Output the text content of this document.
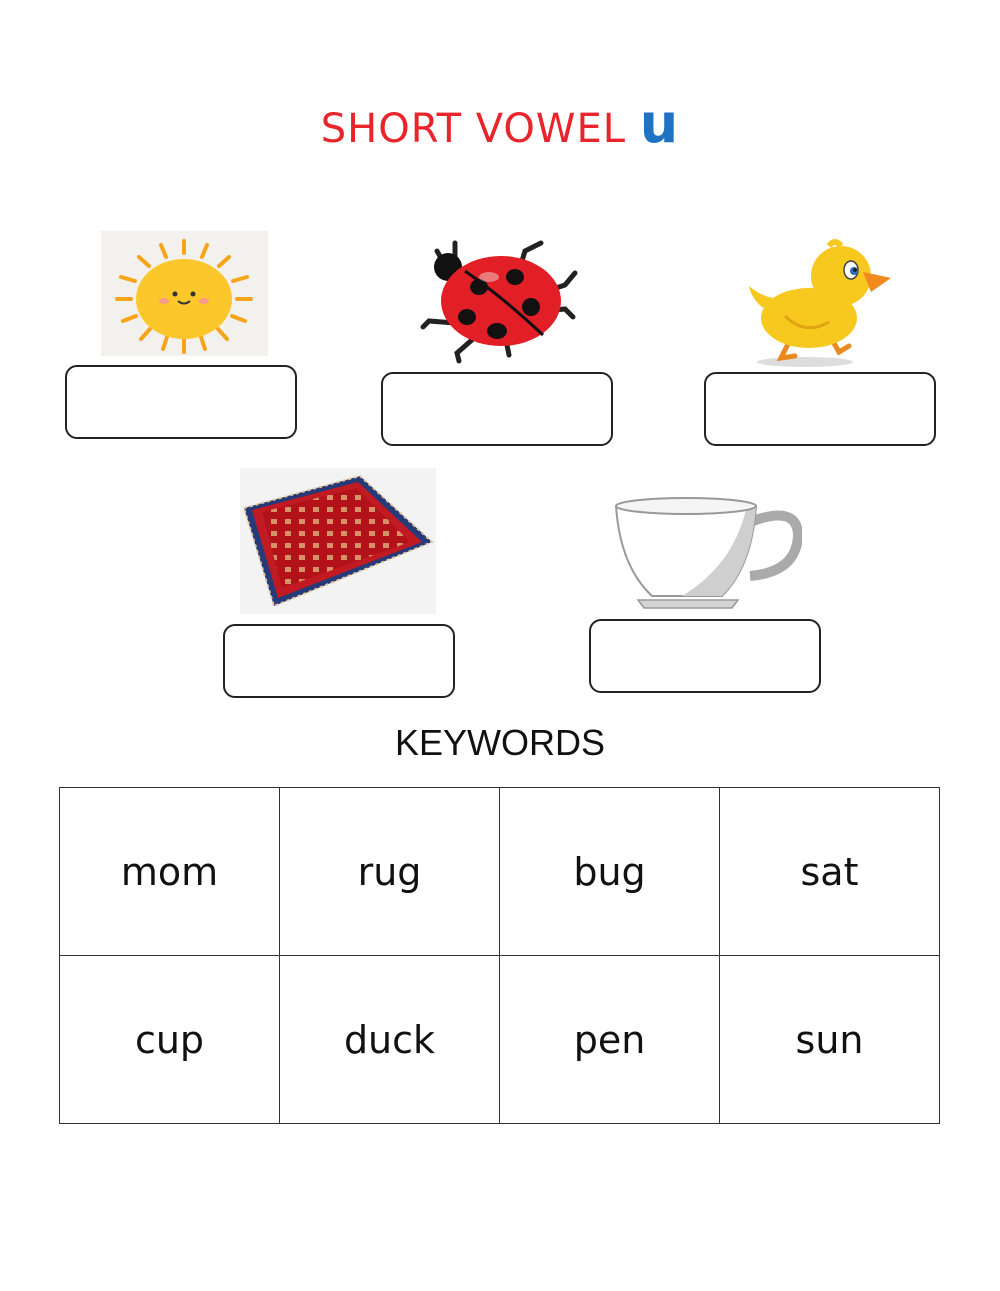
SHORT VOWEL u
KEYWORDS
mom	rug	bug	sat
cup	duck	pen	sun
